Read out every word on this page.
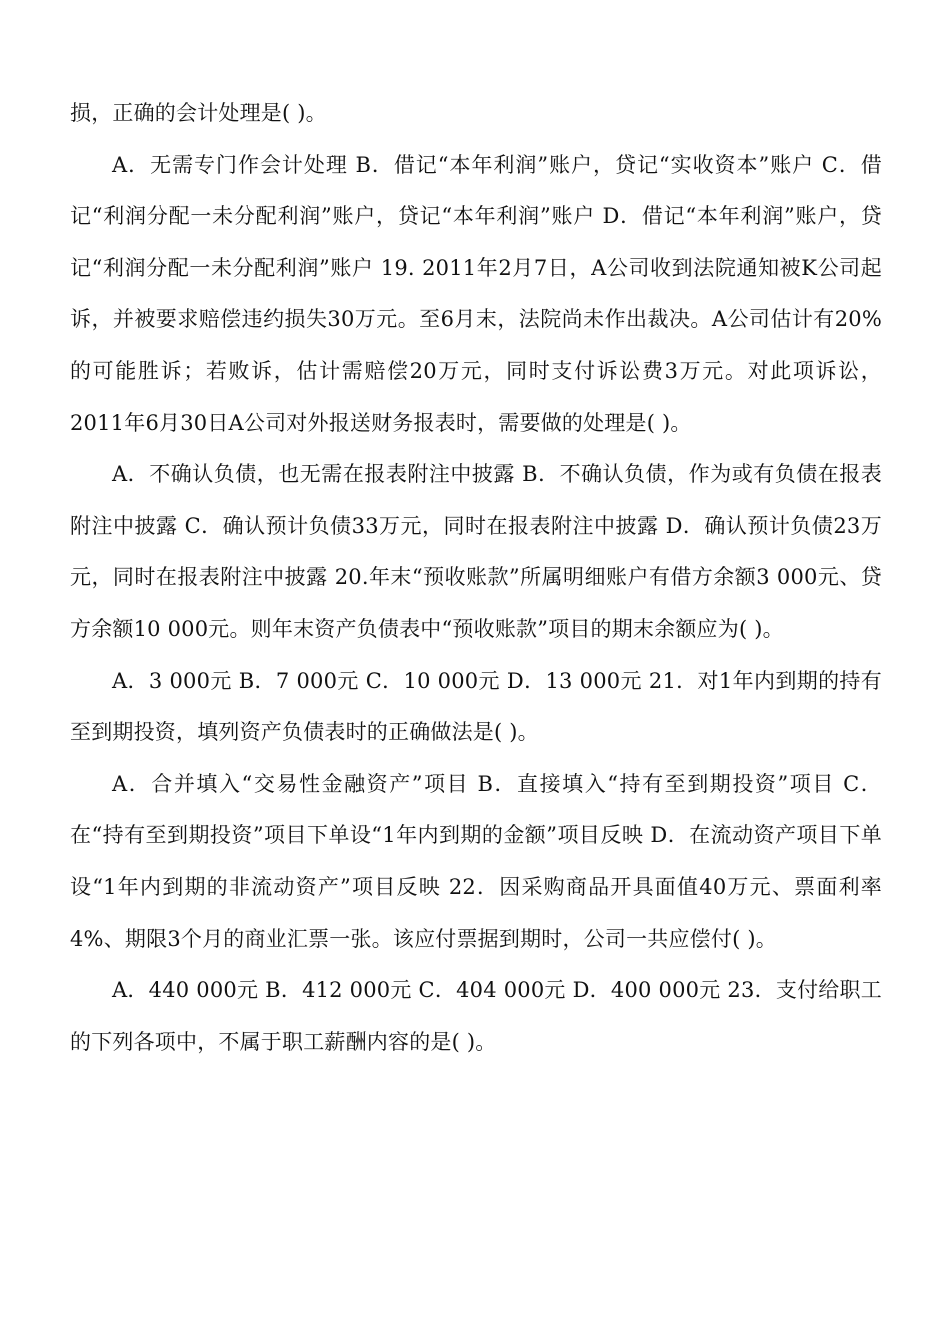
损，正确的会计处理是( )。

A．无需专门作会计处理 B．借记“本年利润”账户，贷记“实收资本”账户 C．借记“利润分配一未分配利润”账户，贷记“本年利润”账户 D．借记“本年利润”账户，贷记“利润分配一未分配利润”账户 19. 2011年2月7日，A公司收到法院通知被K公司起诉，并被要求赔偿违约损失30万元。至6月末，法院尚未作出裁决。A公司估计有20%的可能胜诉；若败诉，估计需赔偿20万元，同时支付诉讼费3万元。对此项诉讼，2011年6月30日A公司对外报送财务报表时，需要做的处理是( )。

A．不确认负债，也无需在报表附注中披露 B．不确认负债，作为或有负债在报表附注中披露 C．确认预计负债33万元，同时在报表附注中披露 D．确认预计负债23万元，同时在报表附注中披露 20.年末“预收账款”所属明细账户有借方余额3 000元、贷方余额10 000元。则年末资产负债表中“预收账款”项目的期末余额应为( )。

A．3 000元 B．7 000元 C．10 000元 D．13 000元 21．对1年内到期的持有至到期投资，填列资产负债表时的正确做法是( )。

A．合并填入“交易性金融资产”项目 B．直接填入“持有至到期投资”项目 C．在“持有至到期投资”项目下单设“1年内到期的金额”项目反映 D．在流动资产项目下单设“1年内到期的非流动资产”项目反映 22．因采购商品开具面值40万元、票面利率4%、期限3个月的商业汇票一张。该应付票据到期时，公司一共应偿付( )。

A．440 000元 B．412 000元 C．404 000元 D．400 000元 23．支付给职工的下列各项中，不属于职工薪酬内容的是( )。
